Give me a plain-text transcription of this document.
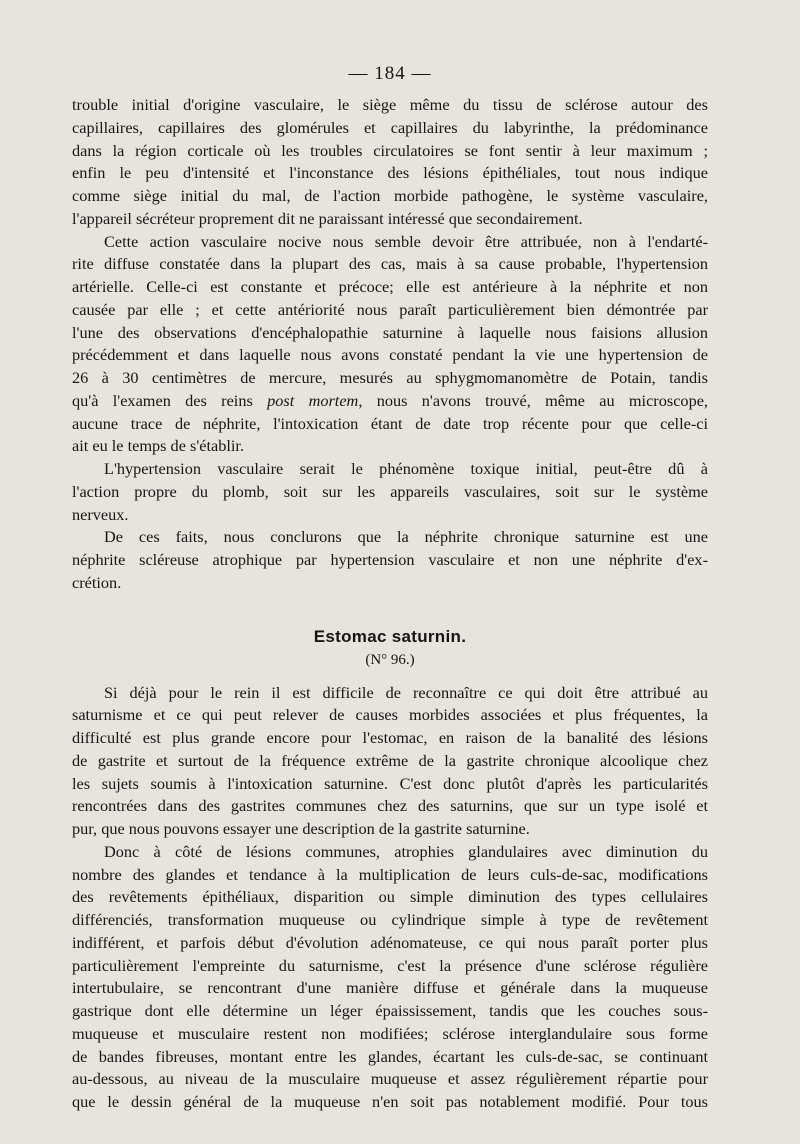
— 184 —

trouble initial d'origine vasculaire, le siège même du tissu de sclérose autour des
capillaires, capillaires des glomérules et capillaires du labyrinthe, la prédominance
dans la région corticale où les troubles circulatoires se font sentir à leur maximum ;
enfin le peu d'intensité et l'inconstance des lésions épithéliales, tout nous indique
comme siège initial du mal, de l'action morbide pathogène, le système vasculaire,
l'appareil sécréteur proprement dit ne paraissant intéressé que secondairement.

Cette action vasculaire nocive nous semble devoir être attribuée, non à l'endarté-
rite diffuse constatée dans la plupart des cas, mais à sa cause probable, l'hypertension
artérielle. Celle-ci est constante et précoce; elle est antérieure à la néphrite et non
causée par elle ; et cette antériorité nous paraît particulièrement bien démontrée par
l'une des observations d'encéphalopathie saturnine à laquelle nous faisions allusion
précédemment et dans laquelle nous avons constaté pendant la vie une hypertension de
26 à 30 centimètres de mercure, mesurés au sphygmomanomètre de Potain, tandis
qu'à l'examen des reins post mortem, nous n'avons trouvé, même au microscope,
aucune trace de néphrite, l'intoxication étant de date trop récente pour que celle-ci
ait eu le temps de s'établir.

L'hypertension vasculaire serait le phénomène toxique initial, peut-être dû à
l'action propre du plomb, soit sur les appareils vasculaires, soit sur le système
nerveux.

De ces faits, nous conclurons que la néphrite chronique saturnine est une
néphrite scléreuse atrophique par hypertension vasculaire et non une néphrite d'ex-
crétion.

Estomac saturnin.
(N° 96.)

Si déjà pour le rein il est difficile de reconnaître ce qui doit être attribué au
saturnisme et ce qui peut relever de causes morbides associées et plus fréquentes, la
difficulté est plus grande encore pour l'estomac, en raison de la banalité des lésions
de gastrite et surtout de la fréquence extrême de la gastrite chronique alcoolique chez
les sujets soumis à l'intoxication saturnine. C'est donc plutôt d'après les particularités
rencontrées dans des gastrites communes chez des saturnins, que sur un type isolé et
pur, que nous pouvons essayer une description de la gastrite saturnine.

Donc à côté de lésions communes, atrophies glandulaires avec diminution du
nombre des glandes et tendance à la multiplication de leurs culs-de-sac, modifications
des revêtements épithéliaux, disparition ou simple diminution des types cellulaires
différenciés, transformation muqueuse ou cylindrique simple à type de revêtement
indifférent, et parfois début d'évolution adénomateuse, ce qui nous paraît porter plus
particulièrement l'empreinte du saturnisme, c'est la présence d'une sclérose régulière
intertubulaire, se rencontrant d'une manière diffuse et générale dans la muqueuse
gastrique dont elle détermine un léger épaississement, tandis que les couches sous-
muqueuse et musculaire restent non modifiées; sclérose interglandulaire sous forme
de bandes fibreuses, montant entre les glandes, écartant les culs-de-sac, se continuant
au-dessous, au niveau de la musculaire muqueuse et assez régulièrement répartie pour
que le dessin général de la muqueuse n'en soit pas notablement modifié. Pour tous
